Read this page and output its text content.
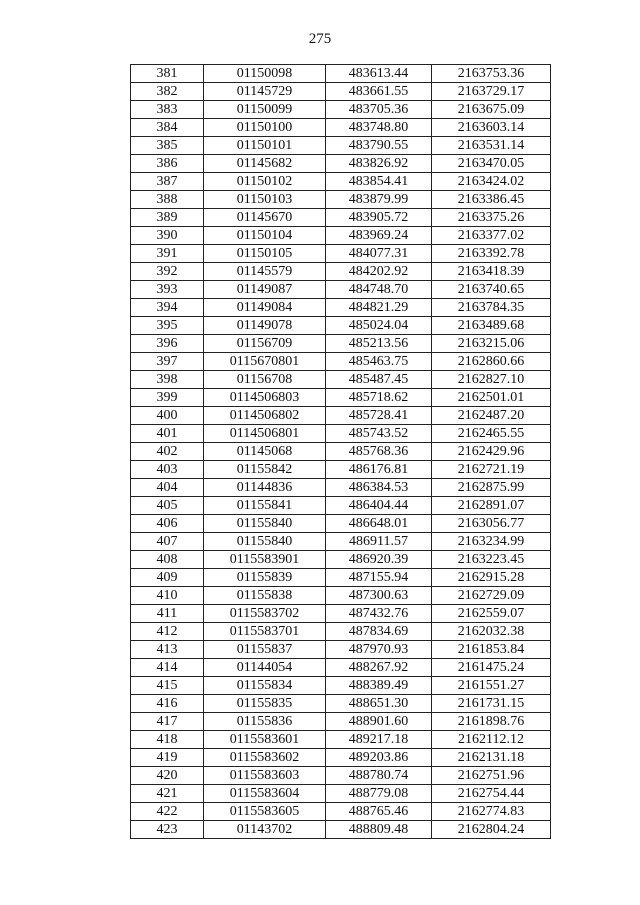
275
381	01150098	483613.44	2163753.36
382	01145729	483661.55	2163729.17
383	01150099	483705.36	2163675.09
384	01150100	483748.80	2163603.14
385	01150101	483790.55	2163531.14
386	01145682	483826.92	2163470.05
387	01150102	483854.41	2163424.02
388	01150103	483879.99	2163386.45
389	01145670	483905.72	2163375.26
390	01150104	483969.24	2163377.02
391	01150105	484077.31	2163392.78
392	01145579	484202.92	2163418.39
393	01149087	484748.70	2163740.65
394	01149084	484821.29	2163784.35
395	01149078	485024.04	2163489.68
396	01156709	485213.56	2163215.06
397	0115670801	485463.75	2162860.66
398	01156708	485487.45	2162827.10
399	0114506803	485718.62	2162501.01
400	0114506802	485728.41	2162487.20
401	0114506801	485743.52	2162465.55
402	01145068	485768.36	2162429.96
403	01155842	486176.81	2162721.19
404	01144836	486384.53	2162875.99
405	01155841	486404.44	2162891.07
406	01155840	486648.01	2163056.77
407	01155840	486911.57	2163234.99
408	0115583901	486920.39	2163223.45
409	01155839	487155.94	2162915.28
410	01155838	487300.63	2162729.09
411	0115583702	487432.76	2162559.07
412	0115583701	487834.69	2162032.38
413	01155837	487970.93	2161853.84
414	01144054	488267.92	2161475.24
415	01155834	488389.49	2161551.27
416	01155835	488651.30	2161731.15
417	01155836	488901.60	2161898.76
418	0115583601	489217.18	2162112.12
419	0115583602	489203.86	2162131.18
420	0115583603	488780.74	2162751.96
421	0115583604	488779.08	2162754.44
422	0115583605	488765.46	2162774.83
423	01143702	488809.48	2162804.24
